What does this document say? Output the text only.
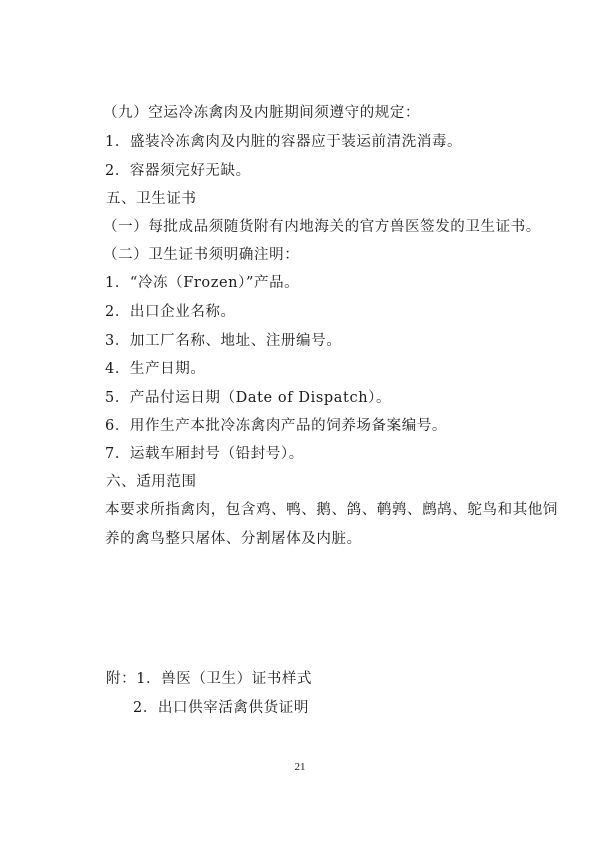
（九）空运冷冻禽肉及内脏期间须遵守的规定：
1．盛装冷冻禽肉及内脏的容器应于装运前清洗消毒。
2．容器须完好无缺。
五、卫生证书
（一）每批成品须随货附有内地海关的官方兽医签发的卫生证书。
（二）卫生证书须明确注明：
1．“冷冻（Frozen）”产品。
2．出口企业名称。
3．加工厂名称、地址、注册编号。
4．生产日期。
5．产品付运日期（Date of Dispatch）。
6．用作生产本批冷冻禽肉产品的饲养场备案编号。
7．运载车厢封号（铅封号）。
六、适用范围
本要求所指禽肉，包含鸡、鸭、鹅、鸽、鹌鹑、鹧鸪、鸵鸟和其他饲
养的禽鸟整只屠体、分割屠体及内脏。
附：1．兽医（卫生）证书样式
2．出口供宰活禽供货证明
21
